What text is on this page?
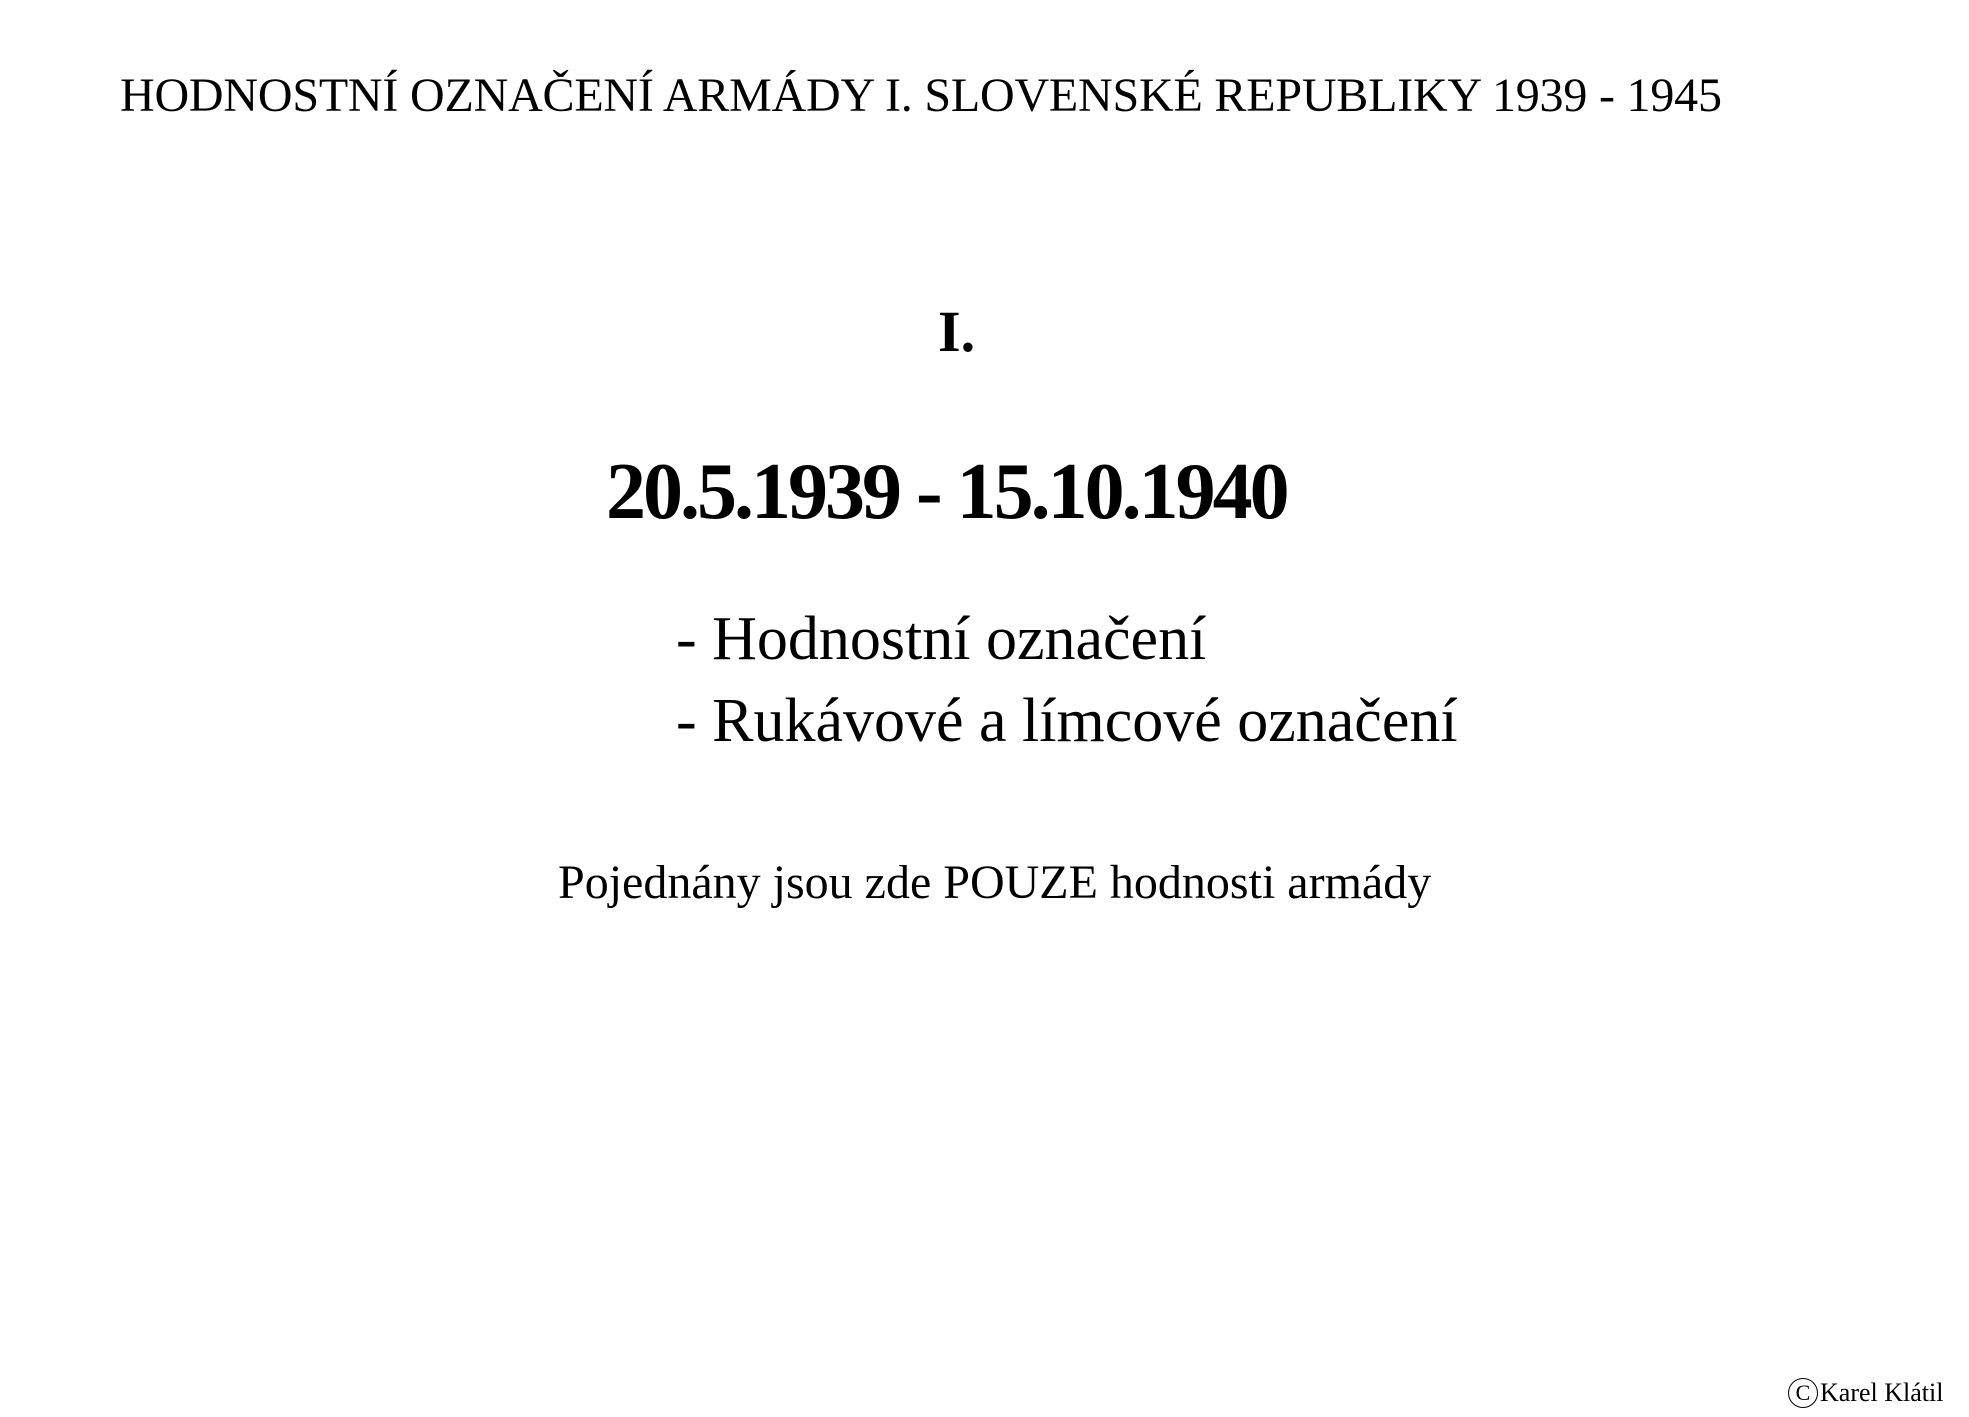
HODNOSTNÍ OZNAČENÍ ARMÁDY I. SLOVENSKÉ REPUBLIKY 1939 - 1945
I.
20.5.1939 - 15.10.1940
- Hodnostní označení
- Rukávové a límcové označení
Pojednány jsou zde POUZE hodnosti armády
C Karel Klátil
